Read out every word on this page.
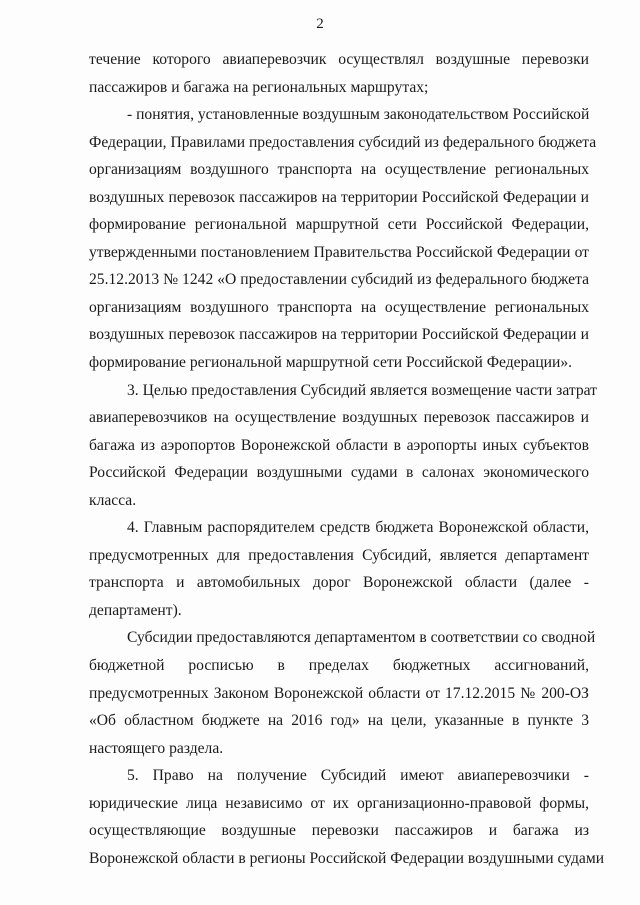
2
течение которого авиаперевозчик осуществлял воздушные перевозки
пассажиров и багажа на региональных маршрутах;
- понятия, установленные воздушным законодательством Российской
Федерации, Правилами предоставления субсидий из федерального бюджета
организациям воздушного транспорта на осуществление региональных
воздушных перевозок пассажиров на территории Российской Федерации и
формирование региональной маршрутной сети Российской Федерации,
утвержденными постановлением Правительства Российской Федерации от
25.12.2013 № 1242 «О предоставлении субсидий из федерального бюджета
организациям воздушного транспорта на осуществление региональных
воздушных перевозок пассажиров на территории Российской Федерации и
формирование региональной маршрутной сети Российской Федерации».
3. Целью предоставления Субсидий является возмещение части затрат
авиаперевозчиков на осуществление воздушных перевозок пассажиров и
багажа из аэропортов Воронежской области в аэропорты иных субъектов
Российской Федерации воздушными судами в салонах экономического
класса.
4. Главным распорядителем средств бюджета Воронежской области,
предусмотренных для предоставления Субсидий, является департамент
транспорта и автомобильных дорог Воронежской области (далее -
департамент).
Субсидии предоставляются департаментом в соответствии со сводной
бюджетной росписью в пределах бюджетных ассигнований,
предусмотренных Законом Воронежской области от 17.12.2015 № 200-ОЗ
«Об областном бюджете на 2016 год» на цели, указанные в пункте 3
настоящего раздела.
5. Право на получение Субсидий имеют авиаперевозчики -
юридические лица независимо от их организационно-правовой формы,
осуществляющие воздушные перевозки пассажиров и багажа из
Воронежской области в регионы Российской Федерации воздушными судами
